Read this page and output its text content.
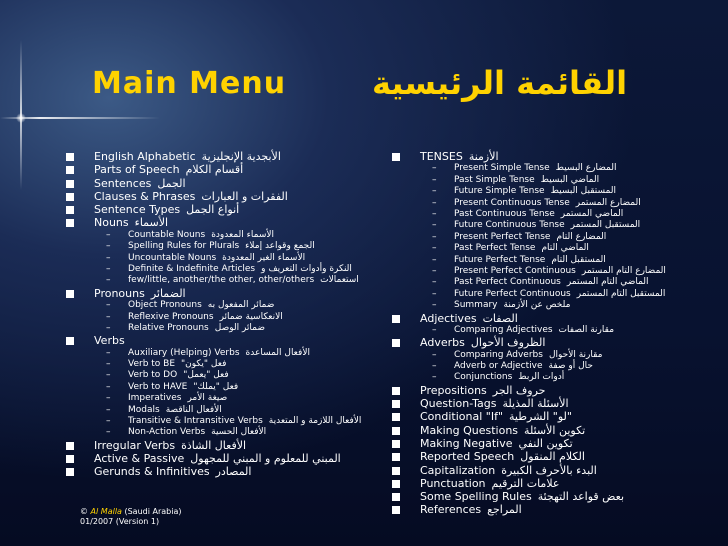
Main Menu	القائمة الرئيسية
English Alphabetic الأبجدية الإنجليزية
Parts of Speech أقسام الكلام
Sentences الجمل
Clauses & Phrases الفقرات و العبارات
Sentence Types أنواع الجمل
Nouns الأسماء
–	Countable Nouns الأسماء المعدودة
–	Spelling Rules for Plurals الجمع وقواعد إملاء
–	Uncountable Nouns الأسماء الغير المعدودة
–	Definite & Indefinite Articles النكرة وأدوات التعريف و
–	few/little, another/the other, other/others استعمالات
Pronouns الضمائر
–	Object Pronouns ضمائر المفعول به
–	Reflexive Pronouns الانعكاسية ضمائر
–	Relative Pronouns ضمائر الوصل
Verbs
–	Auxiliary (Helping) Verbs الأفعال المساعدة
–	Verb to BE فعل "يكون"
–	Verb to DO فعل "يعمل"
–	Verb to HAVE فعل "يملك"
–	Imperatives صيغة الأمر
–	Modals الأفعال الناقصة
–	Transitive & Intransitive Verbs الأفعال اللازمة و المتعدية
–	Non-Action Verbs الأفعال الحسية
Irregular Verbs الأفعال الشاذة
Active & Passive المبني للمعلوم و المبني للمجهول
Gerunds & Infinitives المصادر
TENSES الأزمنة
–	Present Simple Tense المضارع البسيط
–	Past Simple Tense الماضي البسيط
–	Future Simple Tense المستقبل البسيط
–	Present Continuous Tense المضارع المستمر
–	Past Continuous Tense الماضي المستمر
–	Future Continuous Tense المستقبل المستمر
–	Present Perfect Tense المضارع التام
–	Past Perfect Tense الماضي التام
–	Future Perfect Tense المستقبل التام
–	Present Perfect Continuous المضارع التام المستمر
–	Past Perfect Continuous الماضي التام المستمر
–	Future Perfect Continuous المستقبل التام المستمر
–	Summary ملخص عن الأزمنة
Adjectives الصفات
–	Comparing Adjectives مقارنة الصفات
Adverbs الظروف الأحوال
–	Comparing Adverbs مقارنة الأحوال
–	Adverb or Adjective حال أو صفة
–	Conjunctions أدوات الربط
Prepositions حروف الجر
Question-Tags الأسئلة المذيلة
Conditional "If" "لو" الشرطية
Making Questions تكوين الأسئلة
Making Negative تكوين النفي
Reported Speech الكلام المنقول
Capitalization البدء بالأحرف الكبيرة
Punctuation علامات الترقيم
Some Spelling Rules بعض قواعد التهجئة
References المراجع
© Al Malla (Saudi Arabia)
01/2007 (Version 1)
